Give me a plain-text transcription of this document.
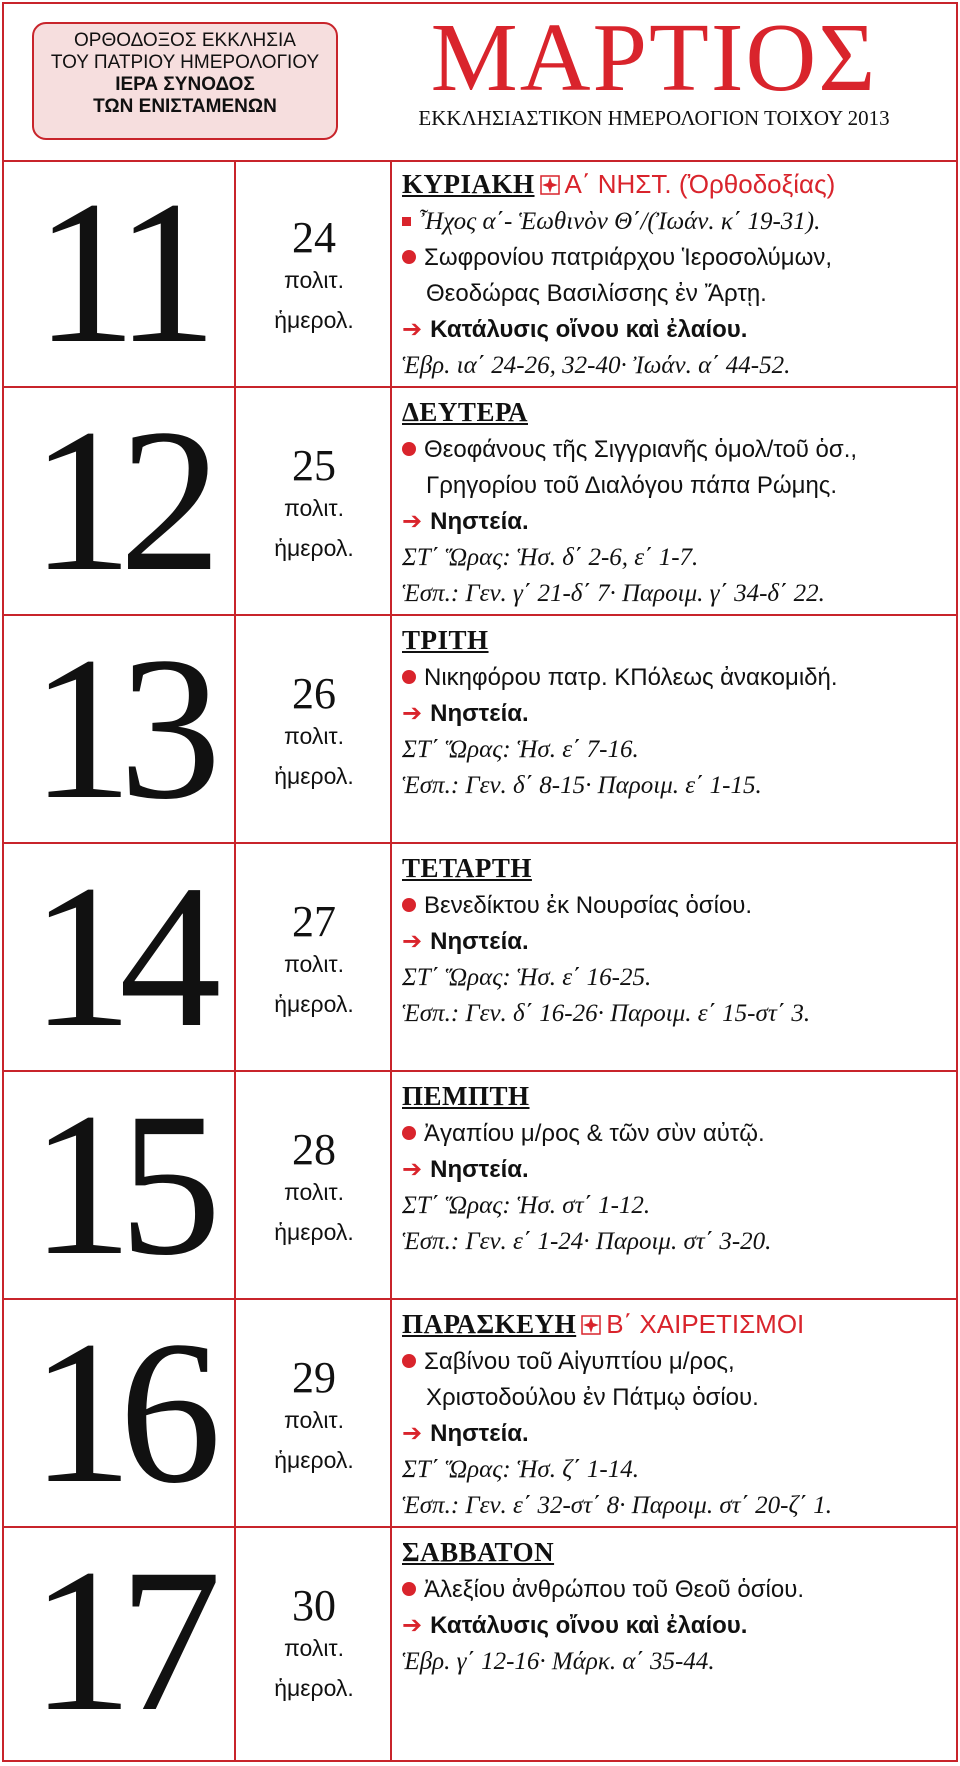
ΟΡΘΟΔΟΞΟΣ ΕΚΚΛΗΣΙΑ
ΤΟΥ ΠΑΤΡΙΟΥ ΗΜΕΡΟΛΟΓΙΟΥ
ΙΕΡΑ ΣΥΝΟΔΟΣ
ΤΩΝ ΕΝΙΣΤΑΜΕΝΩΝ	ΜΑΡΤΙΟΣ
ΕΚΚΛΗΣΙΑΣΤΙΚΟΝ ΗΜΕΡΟΛΟΓΙΟΝ ΤΟΙΧΟΥ 2013
11	24
πολιτ.
ἡμερολ.
ΚΥΡΙΑΚΗ Α΄ ΝΗΣΤ. (Ὀρθοδοξίας)
Ἦχος α΄- Ἑωθινὸν Θ΄/(Ἰωάν. κ΄ 19-31).
Σωφρονίου πατριάρχου Ἱεροσολύμων,
Θεοδώρας Βασιλίσσης ἐν Ἄρτῃ.
➔ Κατάλυσις οἴνου καὶ ἐλαίου.
Ἑβρ. ια΄ 24-26, 32-40· Ἰωάν. α΄ 44-52.
12	25
πολιτ.
ἡμερολ.
ΔΕΥΤΕΡΑ
Θεοφάνους τῆς Σιγγριανῆς ὁμολ/τοῦ ὁσ.,
Γρηγορίου τοῦ Διαλόγου πάπα Ρώμης.
➔ Νηστεία.
ΣΤ΄ Ὥρας: Ἡσ. δ΄ 2-6, ε΄ 1-7.
Ἑσπ.: Γεν. γ΄ 21-δ΄ 7· Παροιμ. γ΄ 34-δ΄ 22.
13	26
πολιτ.
ἡμερολ.
ΤΡΙΤΗ
Νικηφόρου πατρ. ΚΠόλεως ἀνακομιδή.
➔ Νηστεία.
ΣΤ΄ Ὥρας: Ἡσ. ε΄ 7-16.
Ἑσπ.: Γεν. δ΄ 8-15· Παροιμ. ε΄ 1-15.
14	27
πολιτ.
ἡμερολ.
ΤΕΤΑΡΤΗ
Βενεδίκτου ἐκ Νουρσίας ὁσίου.
➔ Νηστεία.
ΣΤ΄ Ὥρας: Ἡσ. ε΄ 16-25.
Ἑσπ.: Γεν. δ΄ 16-26· Παροιμ. ε΄ 15-στ΄ 3.
15	28
πολιτ.
ἡμερολ.
ΠΕΜΠΤΗ
Ἀγαπίου μ/ρος & τῶν σὺν αὐτῷ.
➔ Νηστεία.
ΣΤ΄ Ὥρας: Ἡσ. στ΄ 1-12.
Ἑσπ.: Γεν. ε΄ 1-24· Παροιμ. στ΄ 3-20.
16	29
πολιτ.
ἡμερολ.
ΠΑΡΑΣΚΕΥΗ Β΄ ΧΑΙΡΕΤΙΣΜΟΙ
Σαβίνου τοῦ Αἰγυπτίου μ/ρος,
Χριστοδούλου ἐν Πάτμῳ ὁσίου.
➔ Νηστεία.
ΣΤ΄ Ὥρας: Ἡσ. ζ΄ 1-14.
Ἑσπ.: Γεν. ε΄ 32-στ΄ 8· Παροιμ. στ΄ 20-ζ΄ 1.
17	30
πολιτ.
ἡμερολ.
ΣΑΒΒΑΤΟΝ
Ἀλεξίου ἀνθρώπου τοῦ Θεοῦ ὁσίου.
➔ Κατάλυσις οἴνου καὶ ἐλαίου.
Ἑβρ. γ΄ 12-16· Μάρκ. α΄ 35-44.
